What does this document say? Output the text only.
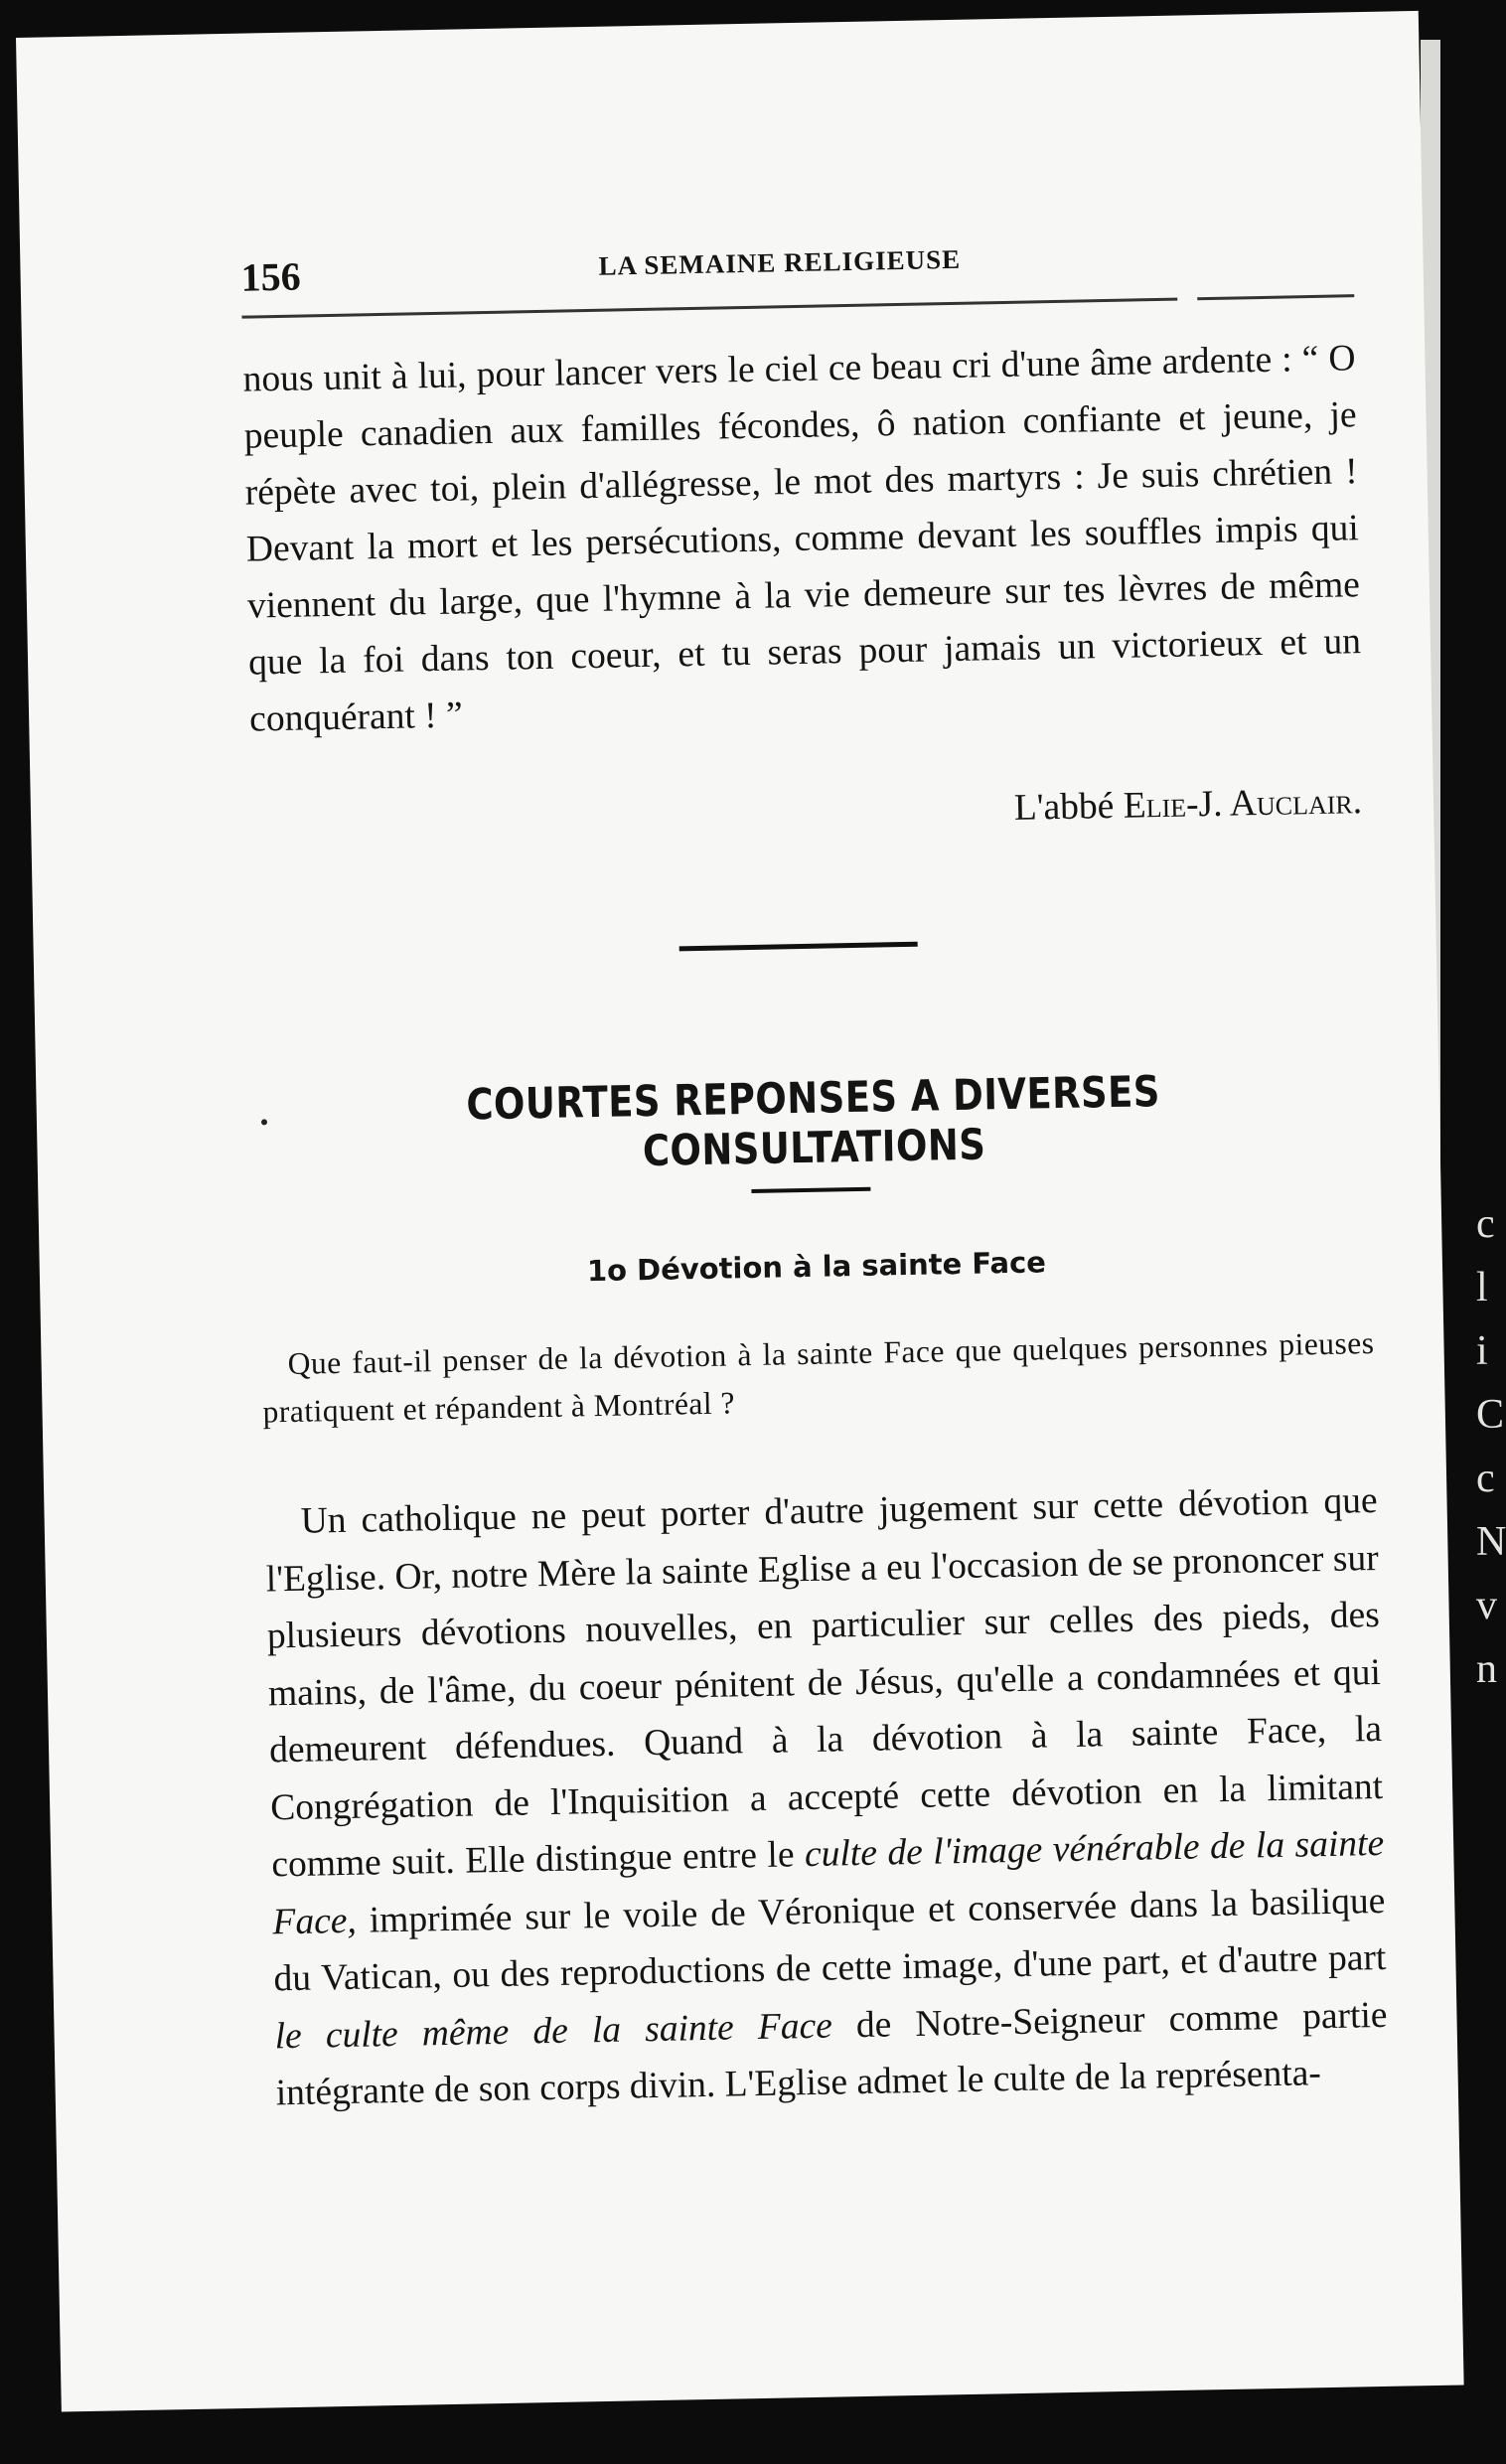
c l i C c N v n
156	LA SEMAINE RELIGIEUSE
nous unit à lui, pour lancer vers le ciel ce beau cri d'une âme ardente : “ O peuple canadien aux familles fécondes, ô nation confiante et jeune, je répète avec toi, plein d'allégresse, le mot des martyrs : Je suis chrétien ! Devant la mort et les persécutions, comme devant les souffles impis qui viennent du large, que l'hymne à la vie demeure sur tes lèvres de même que la foi dans ton coeur, et tu seras pour jamais un victorieux et un conquérant ! ”
L'abbé Elie-J. Auclair.
COURTES REPONSES A DIVERSES CONSULTATIONS
1o Dévotion à la sainte Face
Que faut-il penser de la dévotion à la sainte Face que quelques personnes pieuses pratiquent et répandent à Montréal ?
Un catholique ne peut porter d'autre jugement sur cette dévotion que l'Eglise. Or, notre Mère la sainte Eglise a eu l'occasion de se prononcer sur plusieurs dévotions nouvelles, en particulier sur celles des pieds, des mains, de l'âme, du coeur pénitent de Jésus, qu'elle a condamnées et qui demeurent défendues. Quand à la dévotion à la sainte Face, la Congrégation de l'Inquisition a accepté cette dévotion en la limitant comme suit. Elle distingue entre le culte de l'image vénérable de la sainte Face, imprimée sur le voile de Véronique et conservée dans la basilique du Vatican, ou des reproductions de cette image, d'une part, et d'autre part le culte même de la sainte Face de Notre-Seigneur comme partie intégrante de son corps divin. L'Eglise admet le culte de la représenta-
